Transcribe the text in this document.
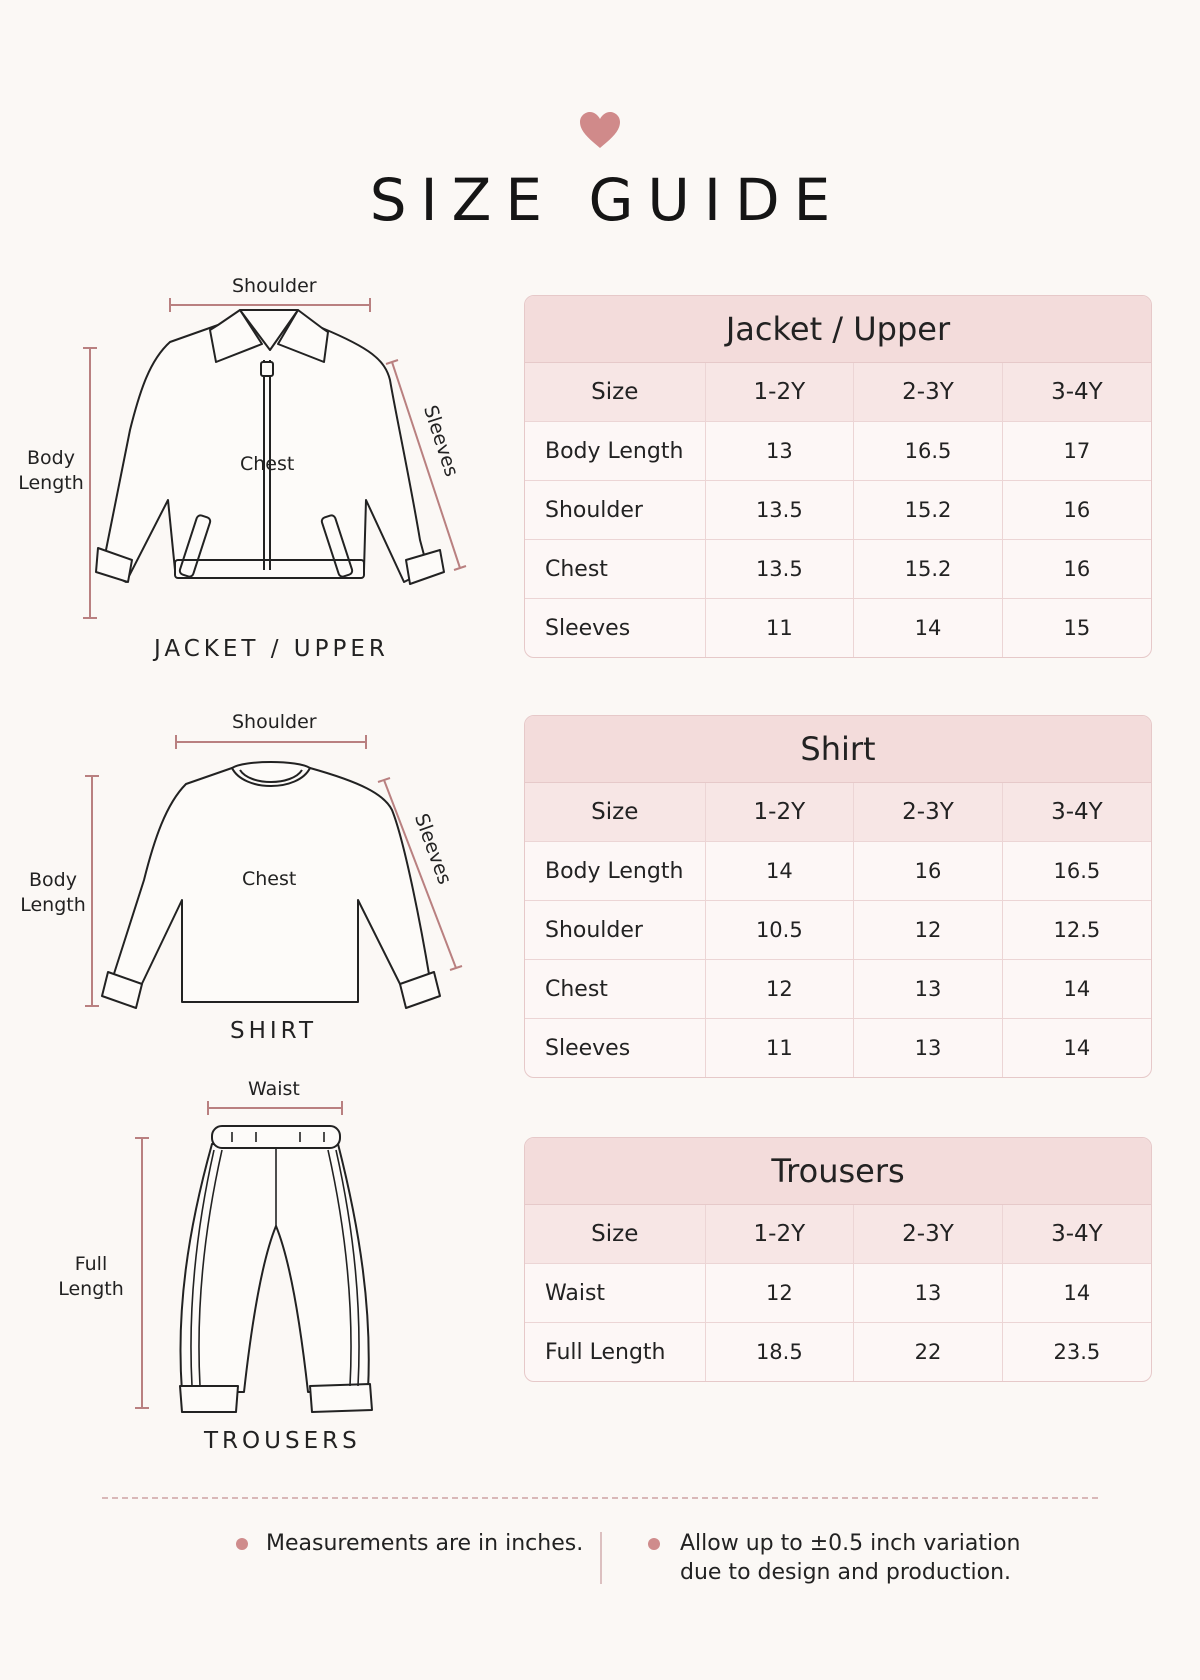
SIZE GUIDE
Shoulder
Chest
Body
Length
Sleeves
JACKET / UPPER
Shoulder
Chest
Body
Length
Sleeves
SHIRT
Waist
Full
Length
TROUSERS
Jacket / Upper
Size	1-2Y	2-3Y	3-4Y
Body Length	13	16.5	17
Shoulder	13.5	15.2	16
Chest	13.5	15.2	16
Sleeves	11	14	15
Shirt
Size	1-2Y	2-3Y	3-4Y
Body Length	14	16	16.5
Shoulder	10.5	12	12.5
Chest	12	13	14
Sleeves	11	13	14
Trousers
Size	1-2Y	2-3Y	3-4Y
Waist	12	13	14
Full Length	18.5	22	23.5
Measurements are in inches.	Allow up to ±0.5 inch variation
due to design and production.
